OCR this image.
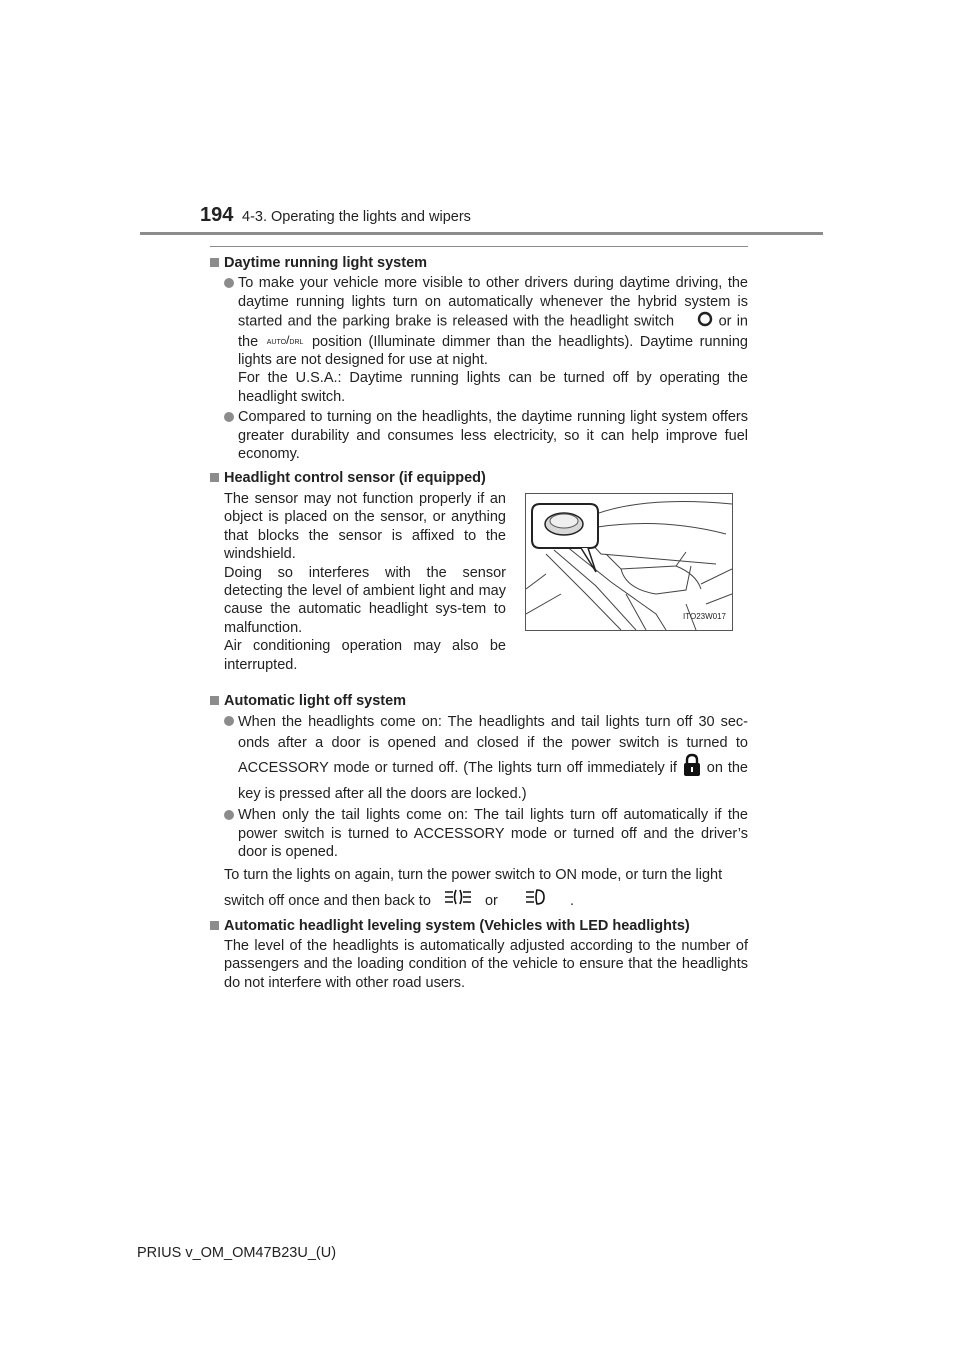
194 4-3. Operating the lights and wipers
Daytime running light system
To make your vehicle more visible to other drivers during daytime driving, the daytime running lights turn on automatically whenever the hybrid system is started and the parking brake is released with the headlight switch	or in the AUTO/DRL position (Illuminate dimmer than the headlights). Daytime running lights are not designed for use at night.
For the U.S.A.: Daytime running lights can be turned off by operating the headlight switch.
Compared to turning on the headlights, the daytime running light system offers greater durability and consumes less electricity, so it can help improve fuel economy.
Headlight control sensor (if equipped)
The sensor may not function properly if an object is placed on the sensor, or anything that blocks the sensor is affixed to the windshield.
Doing so interferes with the sensor detecting the level of ambient light and may cause the automatic headlight sys-tem to malfunction.
Air conditioning operation may also be interrupted.
ITO23W017
Automatic light off system
When the headlights come on: The headlights and tail lights turn off 30 sec-onds after a door is opened and closed if the power switch is turned to ACCESSORY mode or turned off. (The lights turn off immediately if on the key is pressed after all the doors are locked.)
When only the tail lights come on: The tail lights turn off automatically if the power switch is turned to ACCESSORY mode or turned off and the driver’s door is opened.

To turn the lights on again, turn the power switch to ON mode, or turn the light

switch off once and then back to	or	.

Automatic headlight leveling system (Vehicles with LED headlights)
The level of the headlights is automatically adjusted according to the number of passengers and the loading condition of the vehicle to ensure that the headlights do not interfere with other road users.
PRIUS v_OM_OM47B23U_(U)
